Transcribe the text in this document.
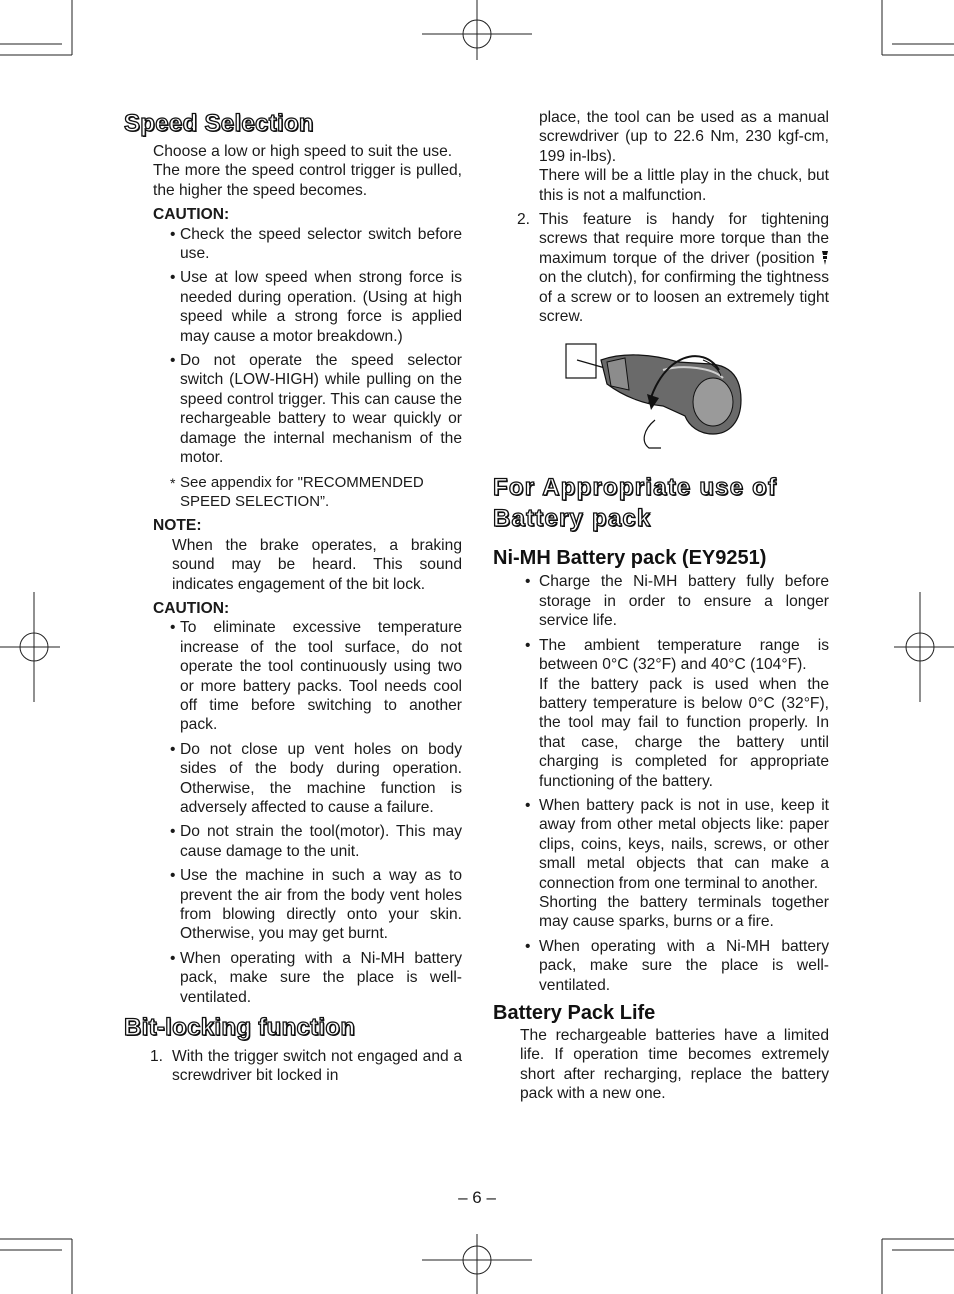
Speed Selection

Choose a low or high speed to suit the use.

The more the speed control trigger is pulled, the higher the speed becomes.

CAUTION:
• Check the speed selector switch before use.
• Use at low speed when strong force is needed during operation. (Using at high speed while a strong force is applied may cause a motor breakdown.)
• Do not operate the speed selector switch (LOW-HIGH) while pulling on the speed control trigger. This can cause the rechargeable battery to wear quickly or damage the internal mechanism of the motor.
* See appendix for "RECOMMENDED SPEED SELECTION”.
NOTE:

When the brake operates, a braking sound may be heard. This sound indicates engagement of the bit lock.

CAUTION:
• To eliminate excessive temperature increase of the tool surface, do not operate the tool continuously using two or more battery packs. Tool needs cool off time before switching to another pack.
• Do not close up vent holes on body sides of the body during operation. Otherwise, the machine function is adversely affected to cause a failure.
• Do not strain the tool(motor). This may cause damage to the unit.
• Use the machine in such a way as to prevent the air from the body vent holes from blowing directly onto your skin. Otherwise, you may get burnt.
• When operating with a Ni-MH battery pack, make sure the place is well-ventilated.
Bit-locking function
1. With the trigger switch not engaged and a screwdriver bit locked in

place, the tool can be used as a manual screwdriver (up to 22.6 Nm, 230 kgf-cm, 199 in-lbs).

There will be a little play in the chuck, but this is not a malfunction.

2. This feature is handy for tightening screws that require more torque than the maximum torque of the driver (position  on the clutch), for confirming the tightness of a screw or to loosen an extremely tight screw.
For Appropriate use of
Battery pack
Ni-MH Battery pack (EY9251)
• Charge the Ni-MH battery fully before storage in order to ensure a longer service life.
• The ambient temperature range is between 0°C (32°F) and 40°C (104°F).
If the battery pack is used when the battery temperature is below 0°C (32°F), the tool may fail to function properly. In that case, charge the battery until charging is completed for appropriate functioning of the battery.
• When battery pack is not in use, keep it away from other metal objects like: paper clips, coins, keys, nails, screws, or other small metal objects that can make a connection from one terminal to another.
Shorting the battery terminals together may cause sparks, burns or a fire.
• When operating with a Ni-MH battery pack, make sure the place is well-ventilated.
Battery Pack Life

The rechargeable batteries have a limited life. If operation time becomes extremely short after recharging, replace the battery pack with a new one.

– 6 –
